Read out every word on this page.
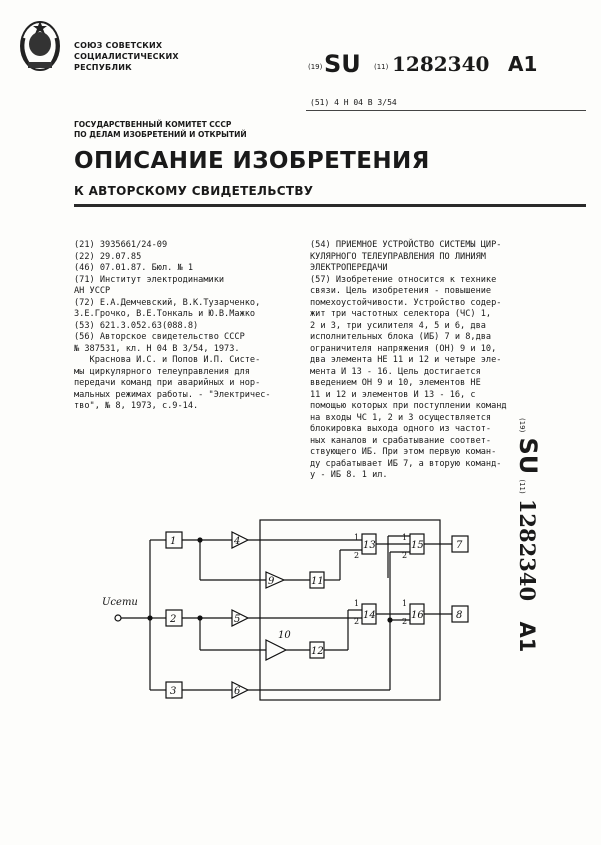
СОЮЗ СОВЕТСКИХ
СОЦИАЛИСТИЧЕСКИХ
РЕСПУБЛИК	(19) SU (11) 1282340 A1
(51) 4 Н 04 В 3/54
ГОСУДАРСТВЕННЫЙ КОМИТЕТ СССР
ПО ДЕЛАМ ИЗОБРЕТЕНИЙ И ОТКРЫТИЙ
ОПИСАНИЕ ИЗОБРЕТЕНИЯ
К АВТОРСКОМУ СВИДЕТЕЛЬСТВУ
(21) 3935661/24-09
(22) 29.07.85
(46) 07.01.87. Бюл. № 1
(71) Институт электродинамики
АН УССР
(72) Е.А.Демчевский, В.К.Тузарченко,
З.Е.Грочко, В.Е.Тонкаль и Ю.В.Мажко
(53) 621.3.052.63(088.8)
(56) Авторское свидетельство СССР
№ 387531, кл. Н 04 В 3/54, 1973.
Краснова И.С. и Попов И.П. Систе-
мы циркулярного телеуправления для
передачи команд при аварийных и нор-
мальных режимах работы. - "Электричес-
тво", № 8, 1973, с.9-14.
(54) ПРИЕМНОЕ УСТРОЙСТВО СИСТЕМЫ ЦИР-
КУЛЯРНОГО ТЕЛЕУПРАВЛЕНИЯ ПО ЛИНИЯМ
ЭЛЕКТРОПЕРЕДАЧИ
(57) Изобретение относится к технике
связи. Цель изобретения - повышение
помехоустойчивости. Устройство содер-
жит три частотных селектора (ЧС) 1,
2 и 3, три усилителя 4, 5 и 6, два
исполнительных блока (ИБ) 7 и 8,два
ограничителя напряжения (ОН) 9 и 10,
два элемента НЕ 11 и 12 и четыре эле-
мента И 13 - 16. Цель достигается
введением ОН 9 и 10, элементов НЕ
11 и 12 и элементов И 13 - 16, с
помощью которых при поступлении команд
на входы ЧС 1, 2 и 3 осуществляется
блокировка выхода одного из частот-
ных каналов и срабатывание соответ-
ствующего ИБ. При этом первую коман-
ду срабатывает ИБ 7, а вторую команд-
у - ИБ 8. 1 ил.
(19) SU (11) 1282340    A1
Uсети
1
2
3
4
5
6
9
10
11
12
13
14
1
2
1
2
15
16
1
2
1
2
7
8
